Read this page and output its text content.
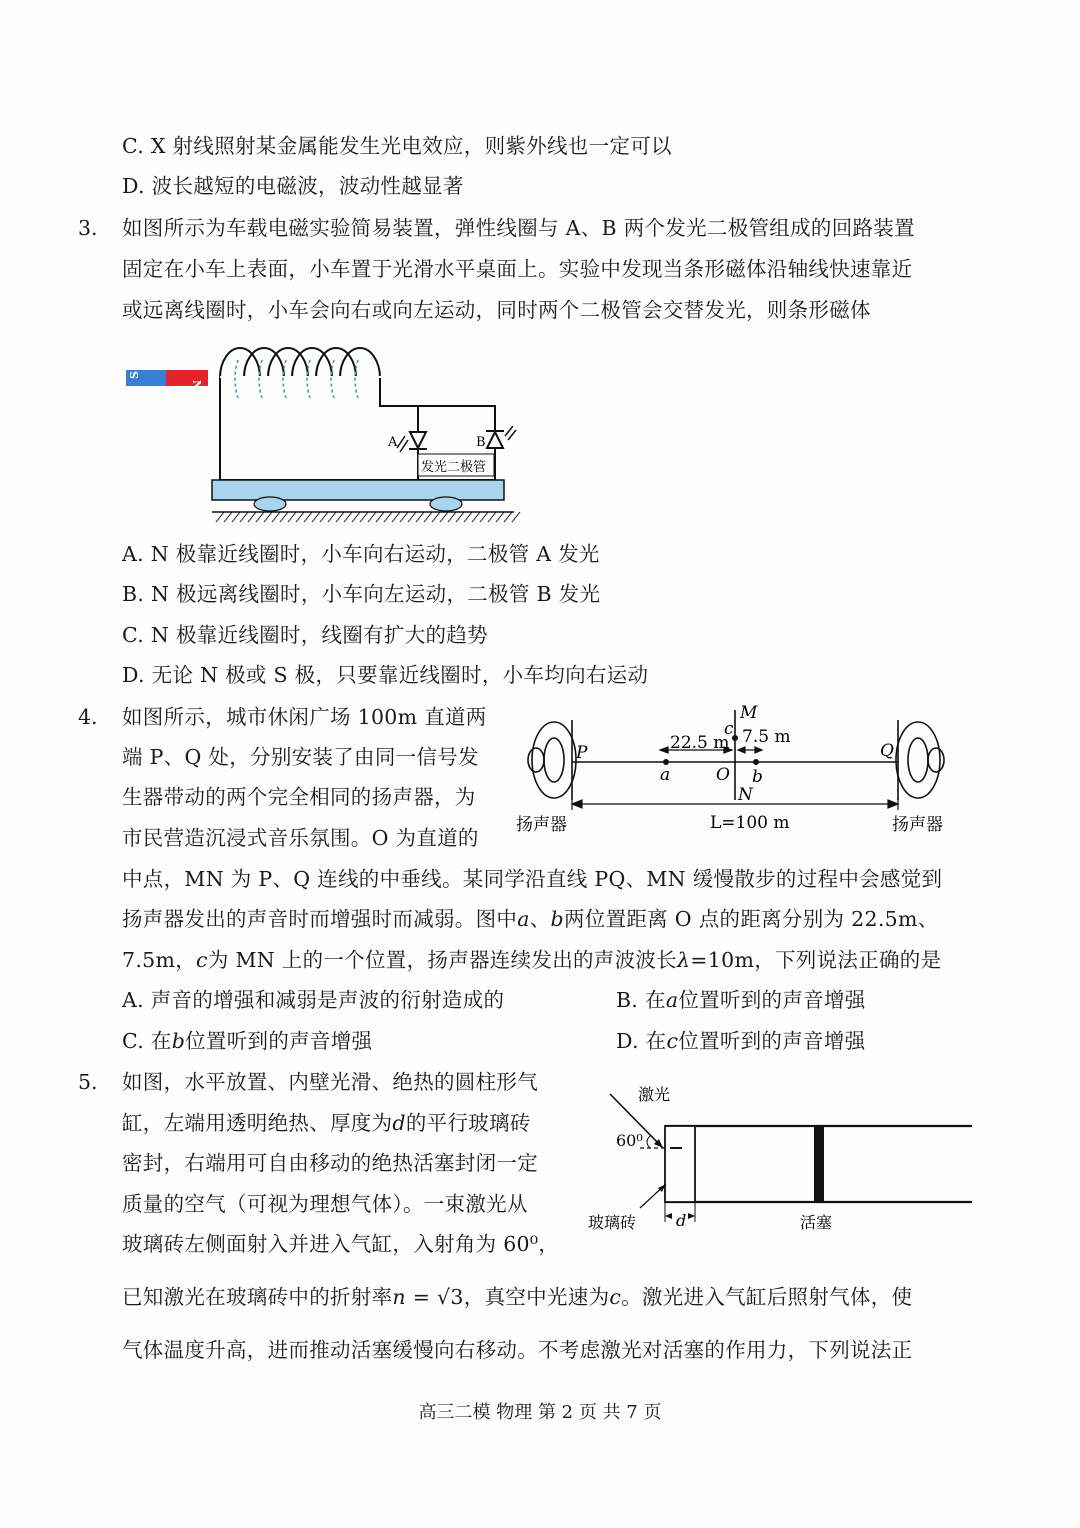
C. X 射线照射某金属能发生光电效应，则紫外线也一定可以
D. 波长越短的电磁波，波动性越显著
3. 如图所示为车载电磁实验简易装置，弹性线圈与 A、B 两个发光二极管组成的回路装置
固定在小车上表面，小车置于光滑水平桌面上。实验中发现当条形磁体沿轴线快速靠近
或远离线圈时，小车会向右或向左运动，同时两个二极管会交替发光，则条形磁体
S
N
A	B
发光二极管
A. N 极靠近线圈时，小车向右运动，二极管 A 发光
B. N 极远离线圈时，小车向左运动，二极管 B 发光
C. N 极靠近线圈时，线圈有扩大的趋势
D. 无论 N 极或 S 极，只要靠近线圈时，小车均向右运动
4. 如图所示，城市休闲广场 100m 直道两
端 P、Q 处，分别安装了由同一信号发
生器带动的两个完全相同的扬声器，为
市民营造沉浸式音乐氛围。O 为直道的
P	Q
M
N
O
a	b
c
22.5 m 7.5 m
L=100 m
扬声器	扬声器
中点，MN 为 P、Q 连线的中垂线。某同学沿直线 PQ、MN 缓慢散步的过程中会感觉到
扬声器发出的声音时而增强时而减弱。图中a、b两位置距离 O 点的距离分别为 22.5m、
7.5m，c为 MN 上的一个位置，扬声器连续发出的声波波长λ=10m，下列说法正确的是
A. 声音的增强和减弱是声波的衍射造成的	B. 在a位置听到的声音增强
C. 在b位置听到的声音增强	D. 在c位置听到的声音增强
5. 如图，水平放置、内壁光滑、绝热的圆柱形气
缸，左端用透明绝热、厚度为d的平行玻璃砖
密封，右端用可自由移动的绝热活塞封闭一定
质量的空气（可视为理想气体）。一束激光从
玻璃砖左侧面射入并进入气缸，入射角为 60⁰，
激光
60⁰
玻璃砖 d	活塞
已知激光在玻璃砖中的折射率n = √3，真空中光速为c。激光进入气缸后照射气体，使
气体温度升高，进而推动活塞缓慢向右移动。不考虑激光对活塞的作用力，下列说法正
高三二模 物理 第 2 页 共 7 页
